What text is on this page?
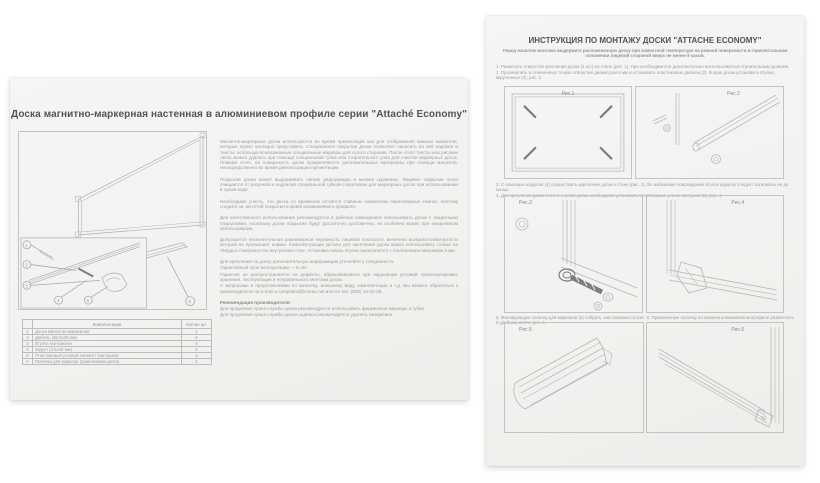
Доска магнитно-маркерная настенная в алюминиевом профиле серии "Attaché Economy"
6
1
2
3
4	5
	Комплектация	Кол-во шт.
1	Доска магнитно-маркерная	1
2	Дюбель (d5,5х30 мм)	4
3	Втулка монтажная	4
4	Шуруп (3,5х30 мм)	4
5	Пластиковый угловой элемент (заглушка)	4
6	Полочка для маркера (приклеивающаяся)	1

Магнитно-маркерные доски используются во время презентаций как для отображения важных моментов, которые нужно наглядно представить. Специальное покрытие доски позволяет наносить на неё надписи и тексты, используя всевозможные специальные маркеры для сухого стирания. После этого тексты или рисунки легко можно удалить при помощи специальной губки или стирательного узла для очистки маркерных досок. Помимо этого, на поверхность доски прикрепляются дополнительные материалы при помощи магнитов, непосредственно во время демонстрации презентации.

Покрытие доски может выдерживать лёгкие деформации и мелкие царапины. Лицевое покрытие легко очищается от рисунков и надписей специальной губкой-стирателем для маркерных досок при использовании в сухом виде.

Необходимо учесть, что доска со временем остаётся главным элементом переговорных комнат, поэтому следите за чистотой покрытия и краёв алюминиевого профиля.

Для качественного использования рекомендуется в рабочих помещениях использовать доски с защитными покрытиями, поскольку доски покрытия будут достаточно долговечны, но особенно важно при ежедневном использовании.

Допускается незначительная равномерная неровность лицевой плоскости, величина выпуклости/вогнутости которой не превышает нормы. Комплектующие детали для крепления доски важно использовать только на твёрдых поверхностях внутренних стен. Установка сквозь втулки выполняется с отклонением максимум 3 мм.

Для крепления на доску дополнительную информацию уточняйте у специалиста.

Гарантийный срок эксплуатации — 5 лет.

Гарантия не распространяется на дефекты, образовавшиеся при нарушении условий транспортировки, хранения, эксплуатации и неправильного монтажа доски.

С вопросами и предложениями по качеству, внешнему виду, комплектации и т.д. Вы можете обратиться к производителю на e-mail a.complaint@bureau.net или по тел. (800) 13-03-26.

Рекомендация производителя:

Для продления срока службы доски рекомендуется использовать фирменные маркеры и губки.

Для продления срока службы доски надписи рекомендуется удалять ежедневно.

ИНСТРУКЦИЯ ПО МОНТАЖУ ДОСКИ "ATTACHE ECONOMY"
Перед началом монтажа выдержите распакованную доску при комнатной температуре на ровной поверхности в горизонтальном положении лицевой стороной вверх не менее 8 часов.

1. Разметить отверстия крепления доски (4 шт.) на стене (рис. 1). При необходимости дополнительно воспользоваться строительным уровнем.

2. Просверлить в отмеченных точках отверстия диаметром 6 мм и установить пластиковые дюбели (2). В края доски установить втулки, вкрученные (3), рис. 2.

Рис.1	Рис.2

3. С помощью шурупов (4) осуществить крепление доски к стене (рис. 3). Во избежание повреждения втулок шурупы следует затягивать не до конца.

4. Для крепления доски к стене в углах доски необходимо установить пластиковые уголки-заглушки (5), рис. 4.

Рис.3	Рис.4

5. Фиксирующую полочку для маркеров (6) собрать, как показано на рис. 5. Приклеенную полочку на нижнем алюминиевом профиле разместить в удобном месте, рис. 6.

Рис.5	Рис.6
